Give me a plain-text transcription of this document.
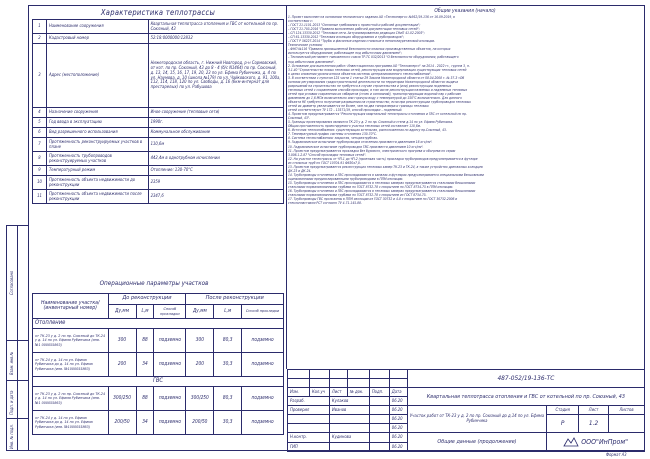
Согласовано
Взам. инв.№
Подп. и дата
Инв. № подл.
Характеристика теплотрассы
1	Наименование сооружения	Квартальная теплотрасса отопления и ГВС от котельной по пр. Союзный, 43
2	Кадастровый номер	52:18:0000000:12832
3	Адрес (местоположение)	Нижегородская область, г. Нижний Новгород, р-н Сормовский, от кот. по пр. Союзный, 43 до 8 - 4 (б/с N1464) по пр. Союзный, д. 13, 14, 15, 16, 17, 19, 20, 23 по ул. Ефима Рубинчика, д. 4 по ул. Наумова, д. 10 (школа №179) по ул. Чайковского, д. 91, 100а, 112, 114, 118, 120 по ул. Свободы, д. 16 (6км-интернат для престарелых) по ул. Рабушова
4	Назначение сооружения	Иное сооружение (тепловые сети)
5	Год ввода в эксплуатацию	1990г.
6	Вид разрешенного использования	Коммунальное обслуживание
7	Протяженность реконструируемых участков в плане	110,6м
8	Протяженность трубопроводов реконструируемых участков	442,4м в однотрубном исчислении
9	Температурный режим	Отопление: 130-70°С
10	Протяженность объекта недвижимости до реконструкции	2359
11	Протяженность объекта недвижимости после реконструкции	2347,6
Операционные параметры участков
Наименование участка/ (инвентарный номер)	До реконструкции			После реконструкции		
	Ду,мм	L,м	Способ прокладки	Ду,мм	L,м	Способ прокладки
Отопление						
от ТК-23 у д. 2 по пр. Союзный до ТК-24 у д. 14 по ул. Ефима Рубинчика (инв. №1 000055863)	300	88	подземно	300	80,3	подземно
от ТК-24 у д. 14 по ул. Ефима Рубинчика до д. 14 по ул. Ефима Рубинчика (инв. №1000055863)	200	34	подземно	200	30,3	подземно
ГВС						
от ТК-23 у д. 2 по пр. Союзный до ТК-24 у д. 14 по ул. Ефима Рубинчика (инв. №1 000055863)	300/250	88	подземно	300/250	80,3	подземно
от ТК-24 у д. 14 по ул. Ефима Рубинчика до д. 14 по ул. Ефима Рубинчика (инв. №1000055863)	200/50	34	подземно	200/50	30,3	подземно
Общие указания (начало)
1. Проект выполнен на основании технического задания АО «Теплоэнерго» №952/19-136 от 16.09.2019, в
соответствии с:
– ГОСТ 21.1101-2013 "Основные требования к проектной и рабочей документации";
– ГОСТ 21.705-2016 "Правила выполнения рабочей документации тепловых сетей";
– СП 124.13330.2012 "Тепловые сети. Актуализированная редакция СНиП 41-02-2003";
– СП 61.13330.2012 "Тепловая изоляция оборудования и трубопроводов";
– ГОСТ Р 56227-2014 "Трубы и фасонные изделия стальные в пенополиуретановой изоляции.
Технические условия;
– ФНП №116 "Правила промышленной безопасности опасных производственных объектов, на которых
используется оборудование, работающее под избыточным давлением";
– Технический регламент таможенного союза ТР-ТС 032/2013 "О безопасности оборудования, работающего
под избыточным давлением".
2. Основание для выполнения работ: Инвестиционная программа АО "Теплоэнерго" на 2014 - 2022 гг., группа 3, п.
3.1.40 "Строительство новых тепловых сетей, реконструкция или модернизация существующих тепловых сетей
в целях снижения уровня износа объектов системы централизованного теплоснабжения".
3. В соответствии с пунктом 125 части 1 статьи 29 Закона Нижегородской области от 08.04.2008 г. № 37-З «Об
основах регулирования градостроительной деятельности на территории Нижегородской области» выдача
разрешений на строительство не требуется в случае строительства и (или) реконструкции подземных
тепловых сетей с сохранением способа прокладки, в том числе реконструкции наземных и надземных тепловых
сетей при условии сохранения их габаритов (стоек и оснований), транспортирующих водяной пар с рабочим
давлением до 1,6 МПа включительно или горячую воду с температурой до 150°С включительно. Для данного
объекта НЕ требуется получение разрешения на строительство, если при реконструкции трубопроводов тепловых
сетей их диаметр увеличивается не более, чем на два типоразмера и границы тепловых
сетей соответствуют ТУ 172 – 13571/19, способ прокладки – подземный.
4. Проектом предусматривается "Реконструкция квартальной теплотрассы отопления и ГВС от котельной по пр.
Союзный, 43".
5. Границы проектирования являются ТК-23 у д. 2 по пр. Союзный и стена д.14 по ул. Ефима Рубинчика.
Общая протяженность проектируемого участка тепловых сетей составляет 110,6м.
6. Источник теплоснабжения: существующая котельная, расположенная по адресу пр.Союзный, 43.
7. Температурный график системы отопления 130-70°С.
8. Система теплоснабжения: закрытая, четырехтрубная.
9. Гидравлическое испытание трубопроводов отопления произвести давлением 16 кгс/см².
10. Гидравлическое испытание трубопроводов ГВС произвести давлением 10 кгс/см².
11. Проектом предусматривается прокладка без бурового, электрического прогрева и обогрева по серии
3.006.1-2.87 "Способ прокладки тепловых сетей".
12. На участке теплотрассы от ЧП-1 до ЧП-2 (проезжая часть) прокладка трубопроводов предусматривается в футляре
из стальных труб по ГОСТ 10704-91 Ф630х7,0.
13. Проектом предусматривается реконструкция тепловых камер ТК-23 и ТК-24, а также устройство дренажных колодцев
ДК-23 и ДК-24.
14. Трубопроводы отопления и ГВС прокладываются в каналах и футлярах предусматривается специальными бесшовными
оцинкованными предизолированными трубопроводами в ППМ изоляции.
15. Трубопроводы отопления и ГВС прокладываются в тепловых камерах предусматривается стальными бесшовными
стальными нормализованными трубами по ГОСТ 8732-78 с покрытием по ГОСТ 8734-75 в ППМ изоляции.
16. Трубопроводы отопления и ГВС прокладываются в тепловых камерах предусматривается стальными бесшовными
стальными нормализованными трубами по ГОСТ 8732-78 с покрытием из ГОСТ 8734-75.
17. Трубопроводы ГВС проложены в ППМ изоляции из ГОСТ 30732 и 4-8 с покрытием по ГОСТ 30732-2006 и
стеклопластиком РСТ согласно ТУ 4-71-145-88.
						487-052/19-136-ТС			

Изм.	Кол.уч	Лист	№ док.	Подп.	Дата	Квартальная теплотрасса отопления и ГВС от котельной по пр. Союзный, 43			
Разраб.		Кулаков			06.20				
Проверил		Иванов			06.20	Участок работ от ТК-23 у д. 2 по пр. Союзный до д.14 по ул. Ефима Рубинчика	Стадия	Лист	Листов
					06.20		Р	1.2	
					06.20				
Н.контр.		Кудинова			06.20	Общие данные (продолжение)	ООО"ИнПром"		
ГИП					06.20				
Формат А3
